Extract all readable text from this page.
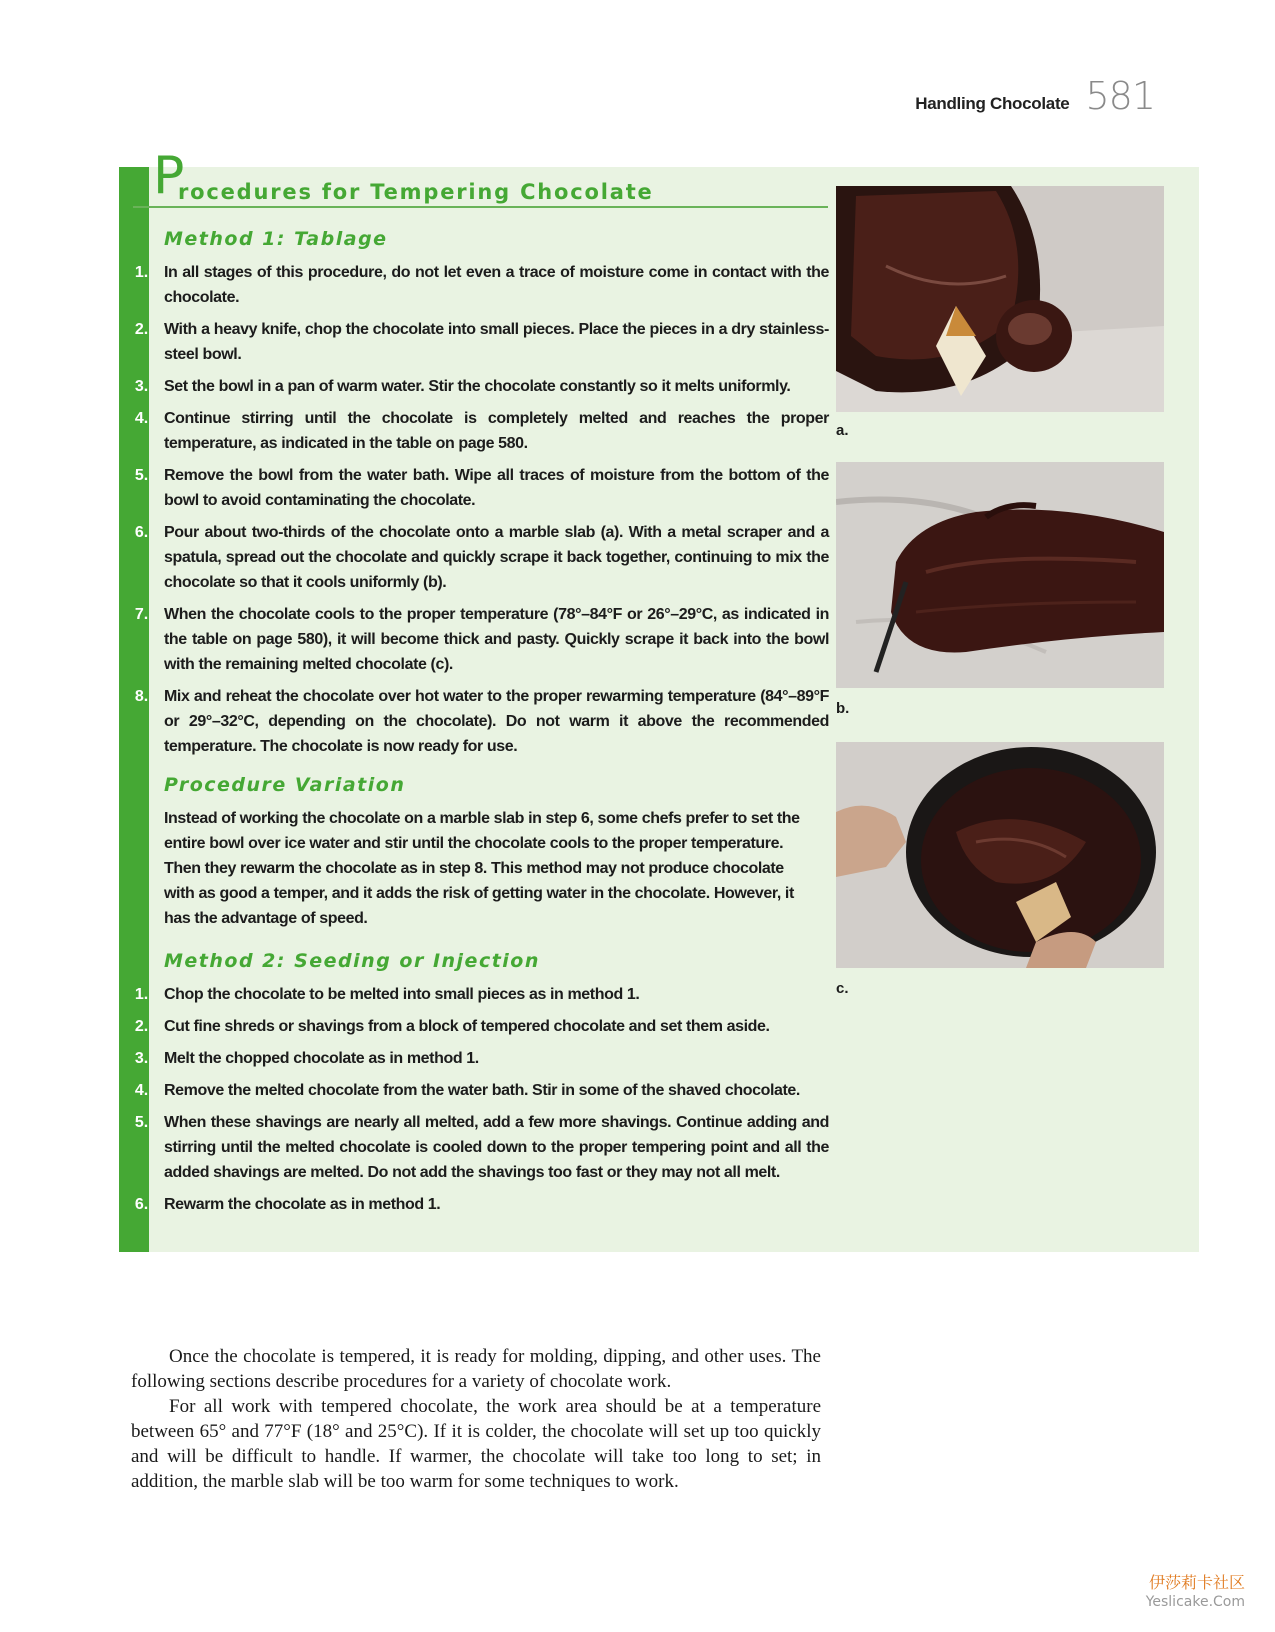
Handling Chocolate 581
P
rocedures for Tempering Chocolate
Method 1: Tablage
1. In all stages of this procedure, do not let even a trace of moisture come in contact with the chocolate.
2. With a heavy knife, chop the chocolate into small pieces. Place the pieces in a dry stainless-steel bowl.
3. Set the bowl in a pan of warm water. Stir the chocolate constantly so it melts uniformly.
4. Continue stirring until the chocolate is completely melted and reaches the proper temperature, as indicated in the table on page 580.
5. Remove the bowl from the water bath. Wipe all traces of moisture from the bottom of the bowl to avoid contaminating the chocolate.
6. Pour about two-thirds of the chocolate onto a marble slab (a). With a metal scraper and a spatula, spread out the chocolate and quickly scrape it back together, continuing to mix the chocolate so that it cools uniformly (b).
7. When the chocolate cools to the proper temperature (78°–84°F or 26°–29°C, as indicated in the table on page 580), it will become thick and pasty. Quickly scrape it back into the bowl with the remaining melted chocolate (c).
8. Mix and reheat the chocolate over hot water to the proper rewarming temperature (84°–89°F or 29°–32°C, depending on the chocolate). Do not warm it above the recommended temperature. The chocolate is now ready for use.
Procedure Variation
Instead of working the chocolate on a marble slab in step 6, some chefs prefer to set the entire bowl over ice water and stir until the chocolate cools to the proper temperature. Then they rewarm the chocolate as in step 8. This method may not produce chocolate with as good a temper, and it adds the risk of getting water in the chocolate. However, it has the advantage of speed.
Method 2: Seeding or Injection
1. Chop the chocolate to be melted into small pieces as in method 1.
2. Cut fine shreds or shavings from a block of tempered chocolate and set them aside.
3. Melt the chopped chocolate as in method 1.
4. Remove the melted chocolate from the water bath. Stir in some of the shaved chocolate.
5. When these shavings are nearly all melted, add a few more shavings. Continue adding and stirring until the melted chocolate is cooled down to the proper tempering point and all the added shavings are melted. Do not add the shavings too fast or they may not all melt.
6. Rewarm the chocolate as in method 1.
a.
b.
c.

Once the chocolate is tempered, it is ready for molding, dipping, and other uses. The following sections describe procedures for a variety of chocolate work.

For all work with tempered chocolate, the work area should be at a temperature between 65° and 77°F (18° and 25°C). If it is colder, the chocolate will set up too quickly and will be difficult to handle. If warmer, the chocolate will take too long to set; in addition, the marble slab will be too warm for some techniques to work.

伊莎莉卡社区
Yeslicake.Com
